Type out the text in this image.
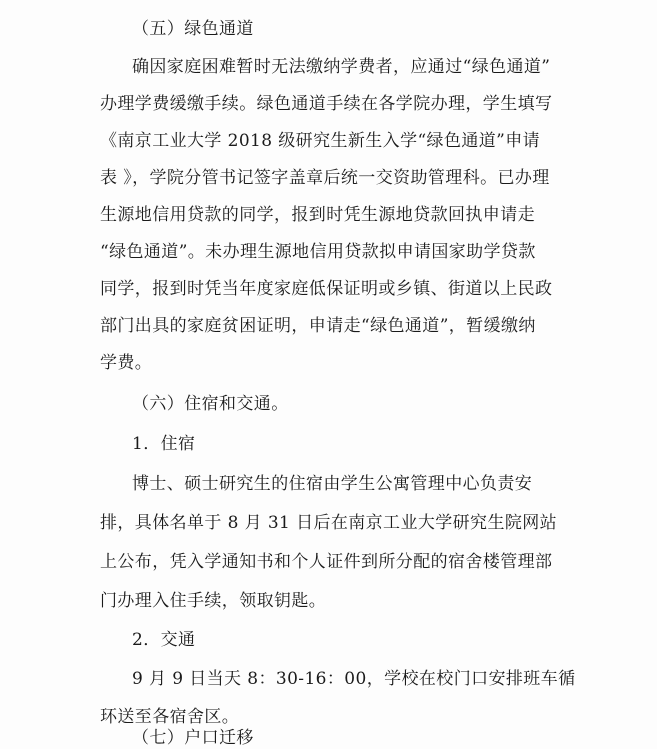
（五）绿色通道
确因家庭困难暂时无法缴纳学费者，应通过“绿色通道”
办理学费缓缴手续。绿色通道手续在各学院办理，学生填写
《南京工业大学 2018 级研究生新生入学“绿色通道”申请
表 》，学院分管书记签字盖章后统一交资助管理科。已办理
生源地信用贷款的同学，报到时凭生源地贷款回执申请走
“绿色通道”。未办理生源地信用贷款拟申请国家助学贷款
同学，报到时凭当年度家庭低保证明或乡镇、街道以上民政
部门出具的家庭贫困证明，申请走“绿色通道”，暂缓缴纳
学费。
（六）住宿和交通。
1．住宿
博士、硕士研究生的住宿由学生公寓管理中心负责安
排，具体名单于 8 月 31 日后在南京工业大学研究生院网站
上公布，凭入学通知书和个人证件到所分配的宿舍楼管理部
门办理入住手续，领取钥匙。
2．交通
9 月 9 日当天 8：30-16：00，学校在校门口安排班车循
环送至各宿舍区。
（七）户口迁移
